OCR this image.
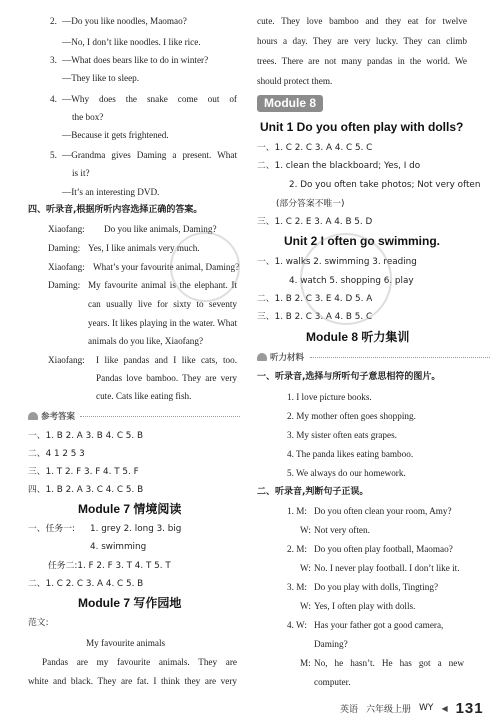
2. —Do you like noodles, Maomao?
—No, I don’t like noodles. I like rice.
3. —What does bears like to do in winter?
—They like to sleep.
4. —Why does the snake come out of
the box?
—Because it gets frightened.
5. —Grandma gives Daming a present. What
is it?
—It’s an interesting DVD.
四、听录音,根据所听内容选择正确的答案。
Xiaofang: Do you like animals, Daming?
Daming: Yes, I like animals very much.
Xiaofang: What’s your favourite animal, Daming?
Daming: My favourite animal is the elephant. It
can usually live for sixty to seventy
years. It likes playing in the water. What
animals do you like, Xiaofang?
Xiaofang: I like pandas and I like cats, too.
Pandas love bamboo. They are very
cute. Cats like eating fish.
参考答案
一、1. B 2. A 3. B 4. C 5. B
二、4 1 2 5 3
三、1. T 2. F 3. F 4. T 5. F
四、1. B 2. A 3. C 4. C 5. B
Module 7 情境阅读
一、任务一: 1. grey 2. long 3. big
4. swimming
任务二:1. F 2. F 3. T 4. T 5. T
二、1. C 2. C 3. A 4. C 5. B
Module 7 写作园地
范文:
My favourite animals
Pandas are my favourite animals. They are
white and black. They are fat. I think they are very
cute. They love bamboo and they eat for twelve
hours a day. They are very lucky. They can climb
trees. There are not many pandas in the world. We
should protect them.
Module 8
Unit 1 Do you often play with dolls?
一、1. C 2. C 3. A 4. C 5. C
二、1. clean the blackboard; Yes, I do
2. Do you often take photos; Not very often
(部分答案不唯一)
三、1. C 2. E 3. A 4. B 5. D
Unit 2 I often go swimming.
一、1. walks 2. swimming 3. reading
4. watch 5. shopping 6. play
二、1. B 2. C 3. E 4. D 5. A
三、1. B 2. C 3. A 4. B 5. C
Module 8 听力集训
听力材料
一、听录音,选择与所听句子意思相符的图片。
1. I love picture books.
2. My mother often goes shopping.
3. My sister often eats grapes.
4. The panda likes eating bamboo.
5. We always do our homework.
二、听录音,判断句子正误。
1. M: Do you often clean your room, Amy?
W: Not very often.
2. M: Do you often play football, Maomao?
W: No. I never play football. I don’t like it.
3. M: Do you play with dolls, Tingting?
W: Yes, I often play with dolls.
4. W: Has your father got a good camera,
Daming?
M: No, he hasn’t. He has got a new
computer.
英语 六年级上册 WY ◀ 131
